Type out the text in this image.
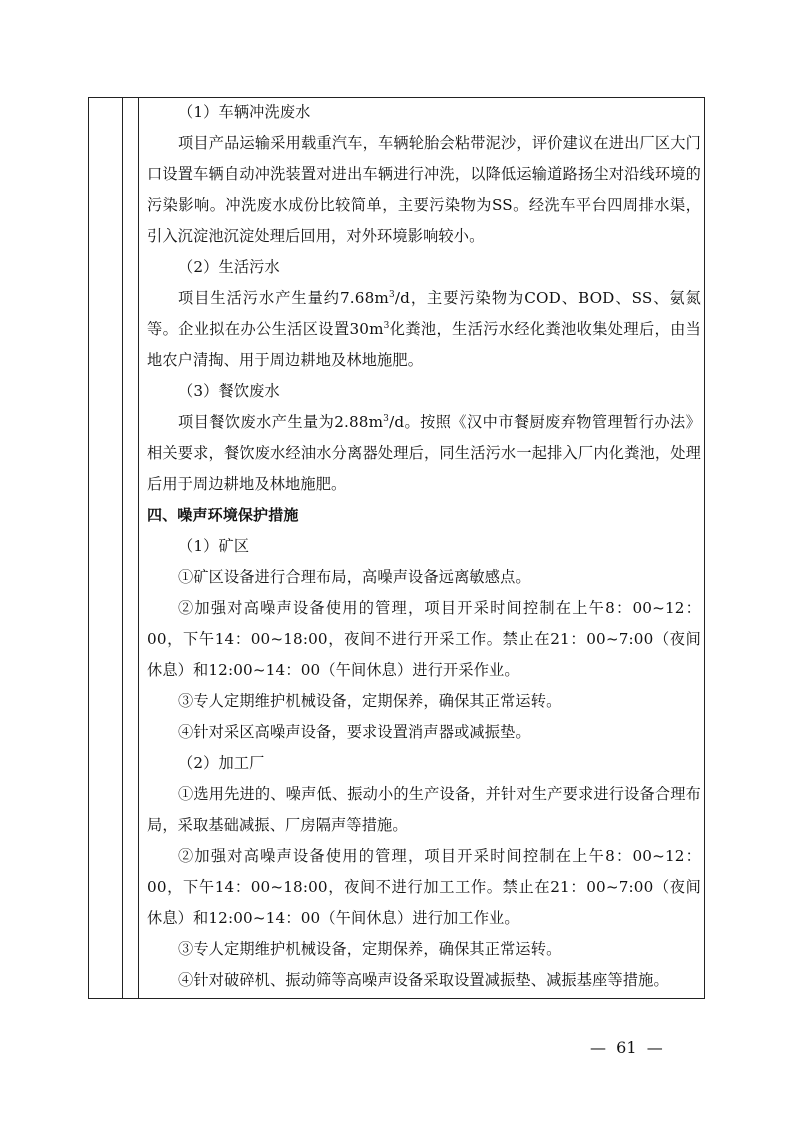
（1）车辆冲洗废水

项目产品运输采用载重汽车，车辆轮胎会粘带泥沙，评价建议在进出厂区大门口设置车辆自动冲洗装置对进出车辆进行冲洗，以降低运输道路扬尘对沿线环境的污染影响。冲洗废水成份比较简单，主要污染物为SS。经洗车平台四周排水渠，引入沉淀池沉淀处理后回用，对外环境影响较小。

（2）生活污水

项目生活污水产生量约$7.68m^3/d$，主要污染物为COD、BOD、SS、氨氮等。企业拟在办公生活区设置$30m^3$化粪池，生活污水经化粪池收集处理后，由当地农户清掏、用于周边耕地及林地施肥。

（3）餐饮废水

项目餐饮废水产生量为$2.88m^3/d$。按照《汉中市餐厨废弃物管理暂行办法》相关要求，餐饮废水经油水分离器处理后，同生活污水一起排入厂内化粪池，处理后用于周边耕地及林地施肥。

四、噪声环境保护措施

（1）矿区

①矿区设备进行合理布局，高噪声设备远离敏感点。

②加强对高噪声设备使用的管理，项目开采时间控制在上午8：00~12：00，下午14：00~18:00，夜间不进行开采工作。禁止在21：00~7:00（夜间休息）和12:00~14：00（午间休息）进行开采作业。

③专人定期维护机械设备，定期保养，确保其正常运转。

④针对采区高噪声设备，要求设置消声器或减振垫。

（2）加工厂

①选用先进的、噪声低、振动小的生产设备，并针对生产要求进行设备合理布局，采取基础减振、厂房隔声等措施。

②加强对高噪声设备使用的管理，项目开采时间控制在上午8：00~12：00，下午14：00~18:00，夜间不进行加工工作。禁止在21：00~7:00（夜间休息）和12:00~14：00（午间休息）进行加工作业。

③专人定期维护机械设备，定期保养，确保其正常运转。

④针对破碎机、振动筛等高噪声设备采取设置减振垫、减振基座等措施。

—  61  —
